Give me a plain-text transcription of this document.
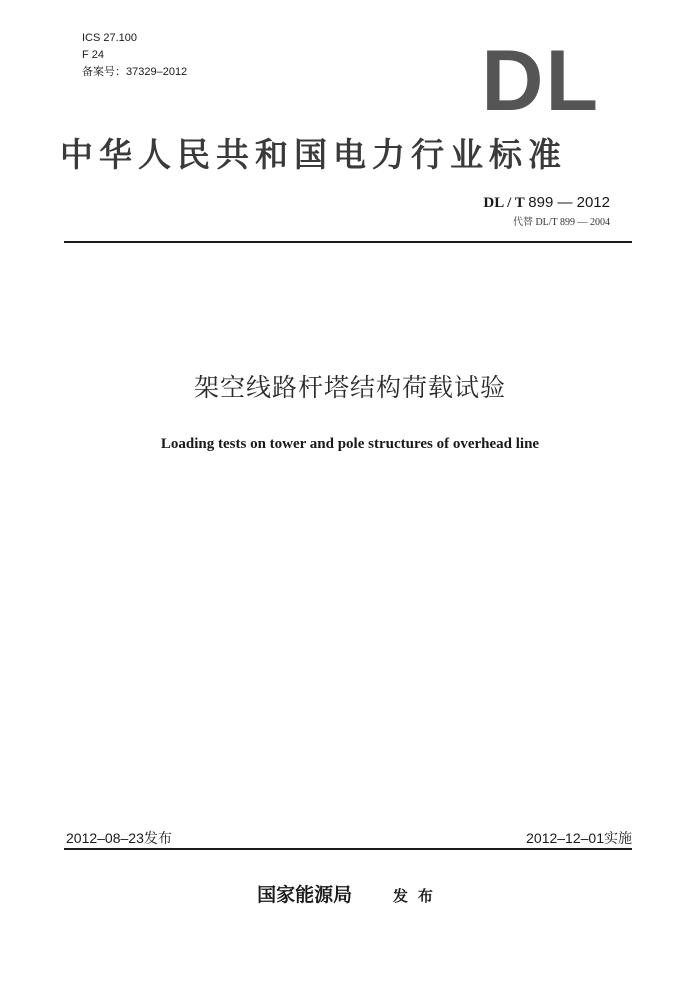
ICS 27.100
F 24
备案号：37329–2012	DL
中华人民共和国电力行业标准
DL / T 899 — 2012
代替 DL/T 899 — 2004
架空线路杆塔结构荷载试验
Loading tests on tower and pole structures of overhead line
2012–08–23发布	2012–12–01实施
国家能源局	发布
